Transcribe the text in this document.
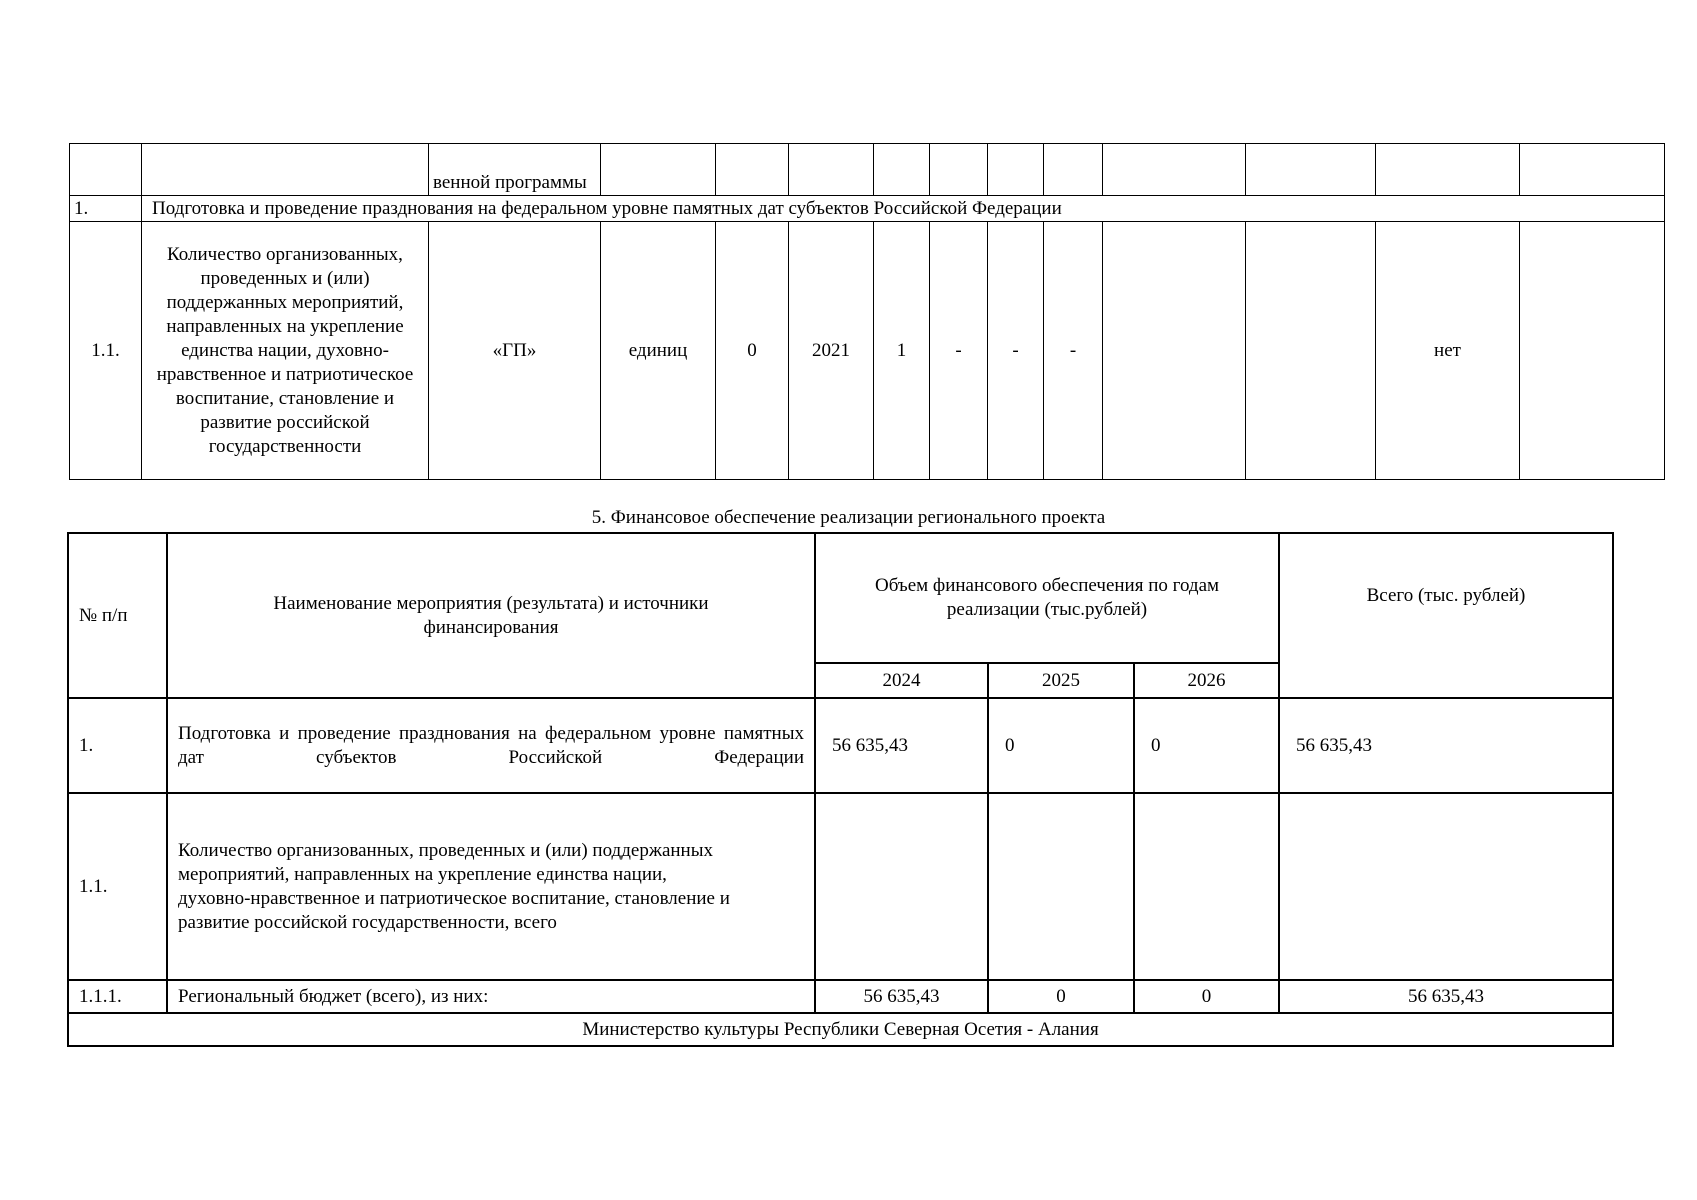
		венной программы											
1.	Подготовка и проведение празднования на федеральном уровне памятных дат субъектов Российской Федерации												
1.1.	Количество организованных, проведенных и (или) поддержанных мероприятий, направленных на укрепление единства нации, духовно-нравственное и патриотическое воспитание, становление и развитие российской государственности	«ГП»	единиц	0	2021	1	-	-	-			нет	
5. Финансовое обеспечение реализации регионального проекта
№ п/п	Наименование мероприятия (результата) и источники финансирования	Объем финансового обеспечения по годам реализации (тыс.рублей)			Всего (тыс. рублей)
		2024	2025	2026	
1.	Подготовка и проведение празднования на федеральном уровне памятных дат субъектов Российской Федерации	56 635,43	0	0	56 635,43
1.1.	Количество организованных, проведенных и (или) поддержанных мероприятий, направленных на укрепление единства нации, духовно-нравственное и патриотическое воспитание, становление и развитие российской государственности, всего				
1.1.1.	Региональный бюджет (всего), из них:	56 635,43	0	0	56 635,43
Министерство культуры Республики Северная Осетия - Алания					
